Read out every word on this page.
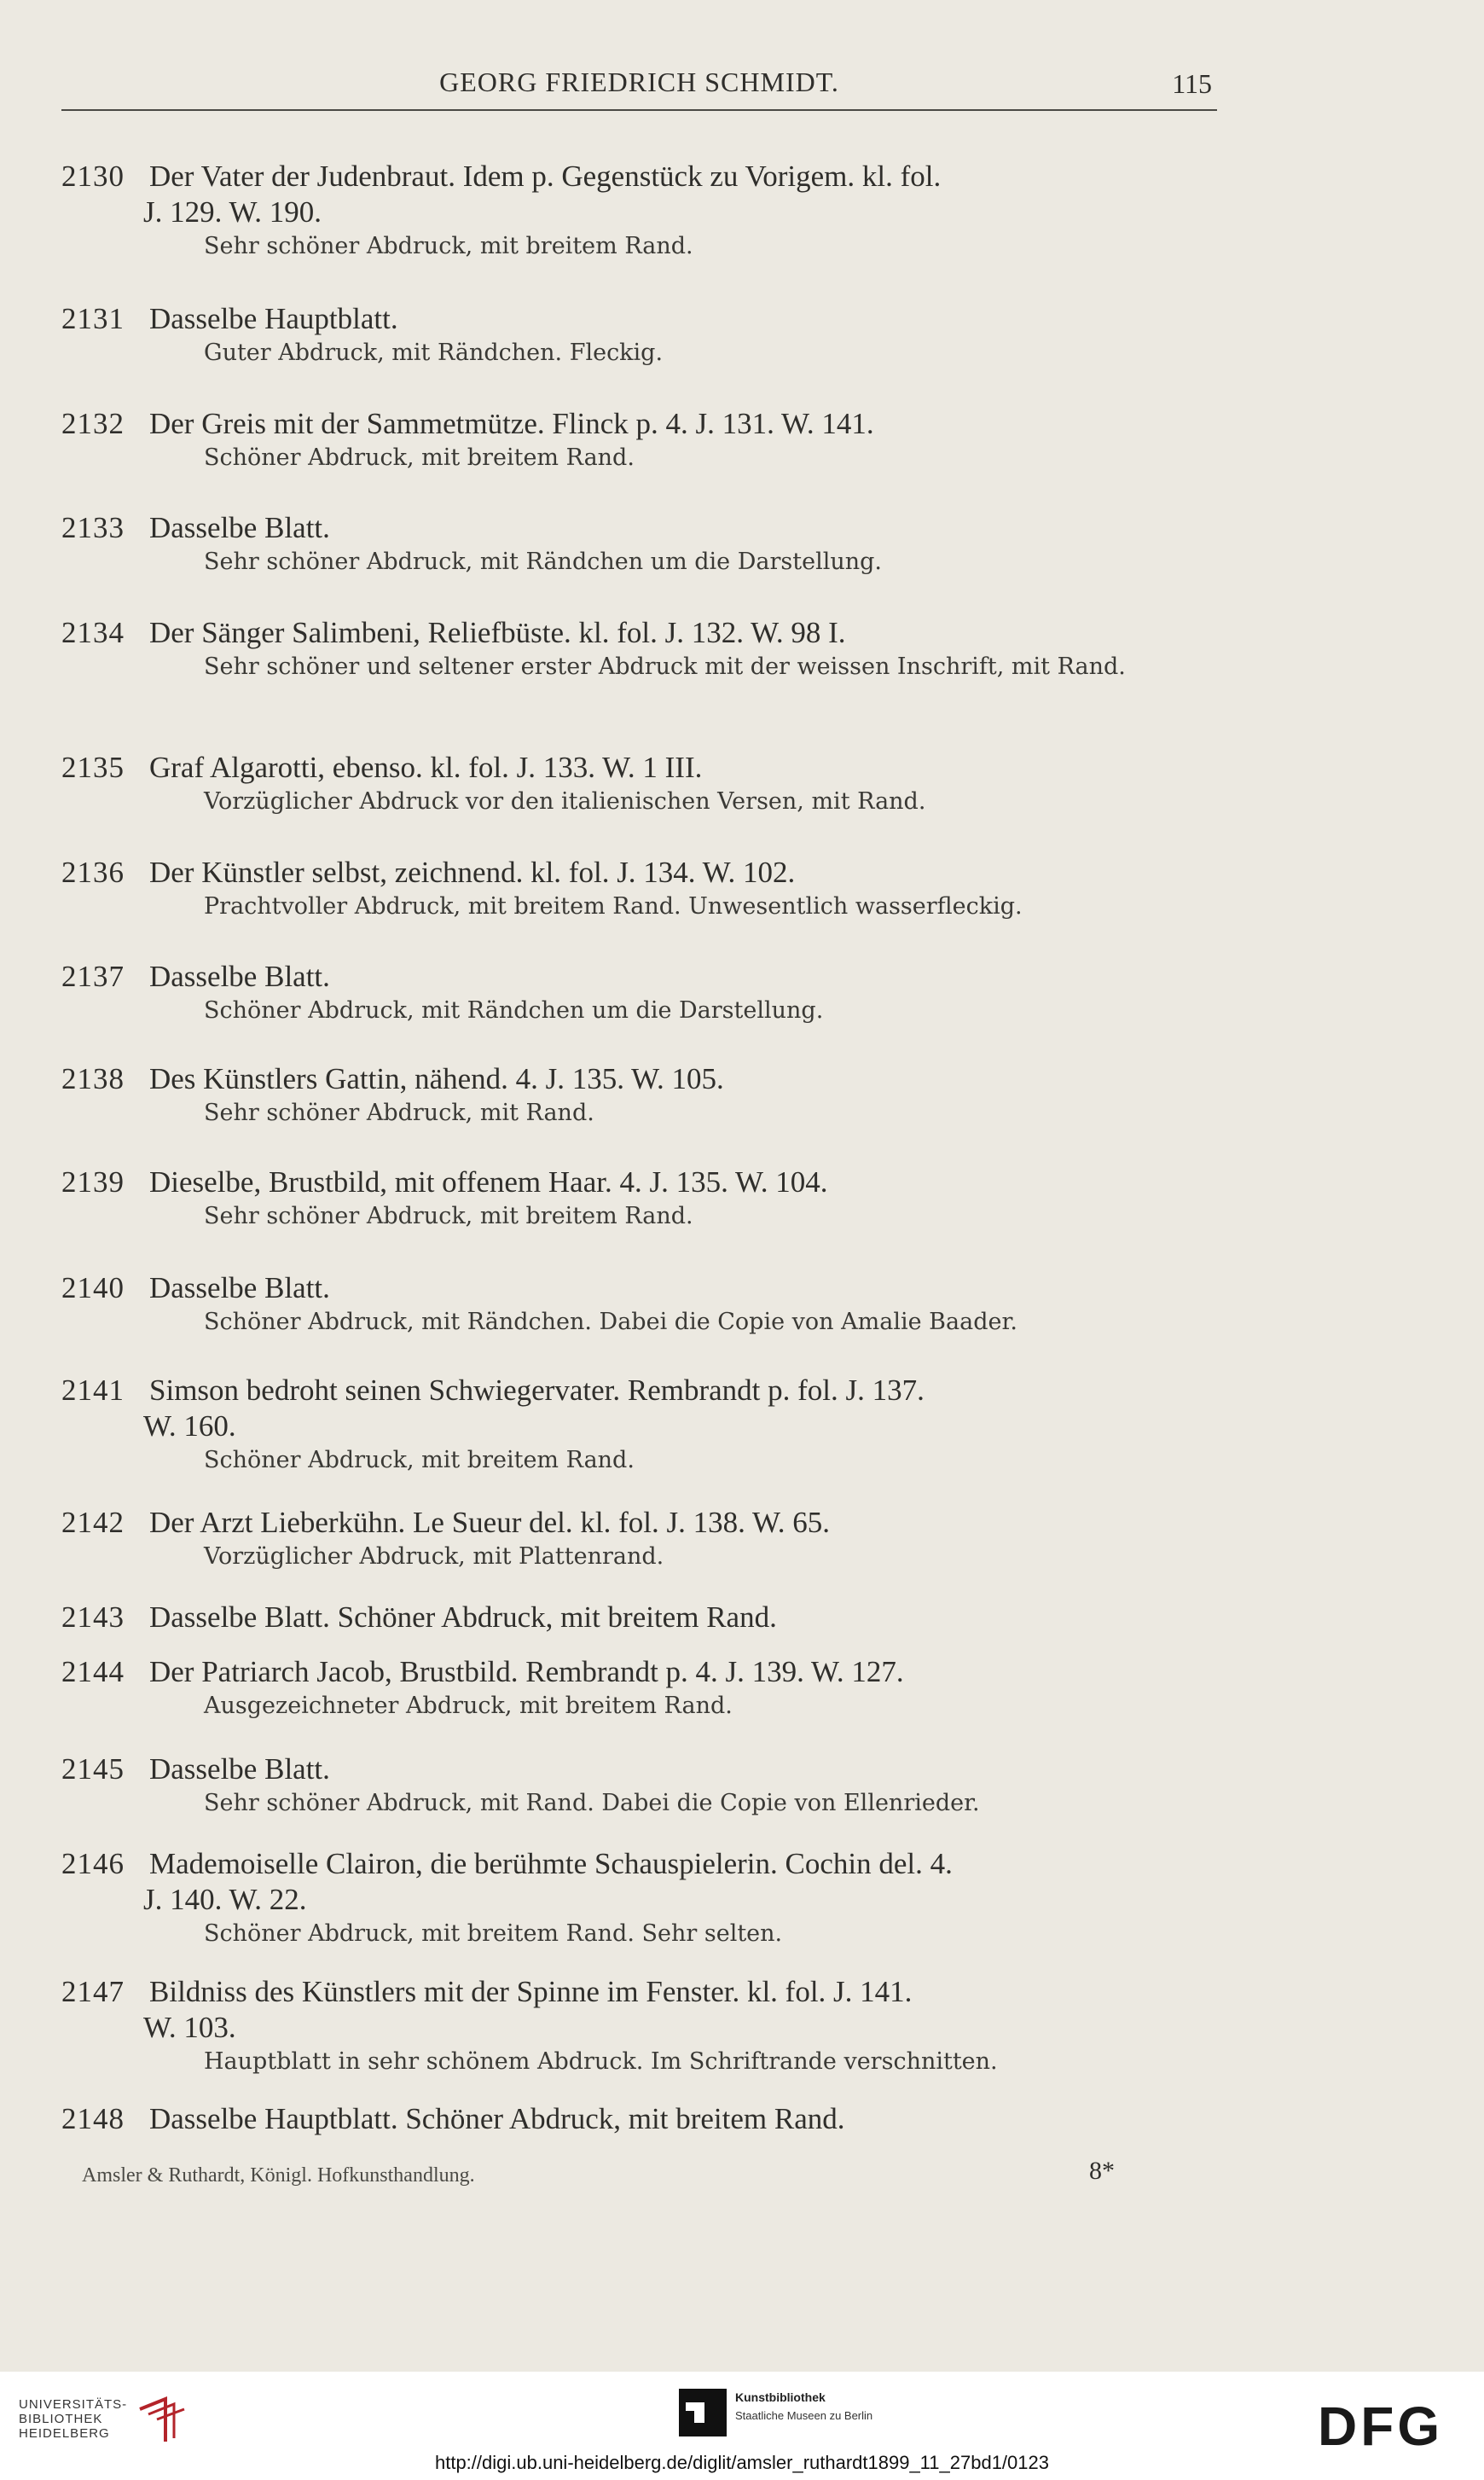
GEORG FRIEDRICH SCHMIDT.	115
2130 Der Vater der Judenbraut. Idem p. Gegenstück zu Vorigem. kl. fol.
J. 129. W. 190.
Sehr schöner Abdruck, mit breitem Rand.
2131 Dasselbe Hauptblatt.
Guter Abdruck, mit Rändchen. Fleckig.
2132 Der Greis mit der Sammetmütze. Flinck p. 4. J. 131. W. 141.
Schöner Abdruck, mit breitem Rand.
2133 Dasselbe Blatt.
Sehr schöner Abdruck, mit Rändchen um die Darstellung.
2134 Der Sänger Salimbeni, Reliefbüste. kl. fol. J. 132. W. 98 I.
Sehr schöner und seltener erster Abdruck mit der weissen Inschrift, mit Rand.
2135 Graf Algarotti, ebenso. kl. fol. J. 133. W. 1 III.
Vorzüglicher Abdruck vor den italienischen Versen, mit Rand.
2136 Der Künstler selbst, zeichnend. kl. fol. J. 134. W. 102.
Prachtvoller Abdruck, mit breitem Rand. Unwesentlich wasserfleckig.
2137 Dasselbe Blatt.
Schöner Abdruck, mit Rändchen um die Darstellung.
2138 Des Künstlers Gattin, nähend. 4. J. 135. W. 105.
Sehr schöner Abdruck, mit Rand.
2139 Dieselbe, Brustbild, mit offenem Haar. 4. J. 135. W. 104.
Sehr schöner Abdruck, mit breitem Rand.
2140 Dasselbe Blatt.
Schöner Abdruck, mit Rändchen. Dabei die Copie von Amalie Baader.
2141 Simson bedroht seinen Schwiegervater. Rembrandt p. fol. J. 137.
W. 160.
Schöner Abdruck, mit breitem Rand.
2142 Der Arzt Lieberkühn. Le Sueur del. kl. fol. J. 138. W. 65.
Vorzüglicher Abdruck, mit Plattenrand.
2143 Dasselbe Blatt. Schöner Abdruck, mit breitem Rand.
2144 Der Patriarch Jacob, Brustbild. Rembrandt p. 4. J. 139. W. 127.
Ausgezeichneter Abdruck, mit breitem Rand.
2145 Dasselbe Blatt.
Sehr schöner Abdruck, mit Rand. Dabei die Copie von Ellenrieder.
2146 Mademoiselle Clairon, die berühmte Schauspielerin. Cochin del. 4.
J. 140. W. 22.
Schöner Abdruck, mit breitem Rand. Sehr selten.
2147 Bildniss des Künstlers mit der Spinne im Fenster. kl. fol. J. 141.
W. 103.
Hauptblatt in sehr schönem Abdruck. Im Schriftrande verschnitten.
2148 Dasselbe Hauptblatt. Schöner Abdruck, mit breitem Rand.
Amsler & Ruthardt, Königl. Hofkunsthandlung.	8*
UNIVERSITÄTS-
BIBLIOTHEK
HEIDELBERG
Kunstbibliothek
Staatliche Museen zu Berlin	DFG
http://digi.ub.uni-heidelberg.de/diglit/amsler_ruthardt1899_11_27bd1/0123
